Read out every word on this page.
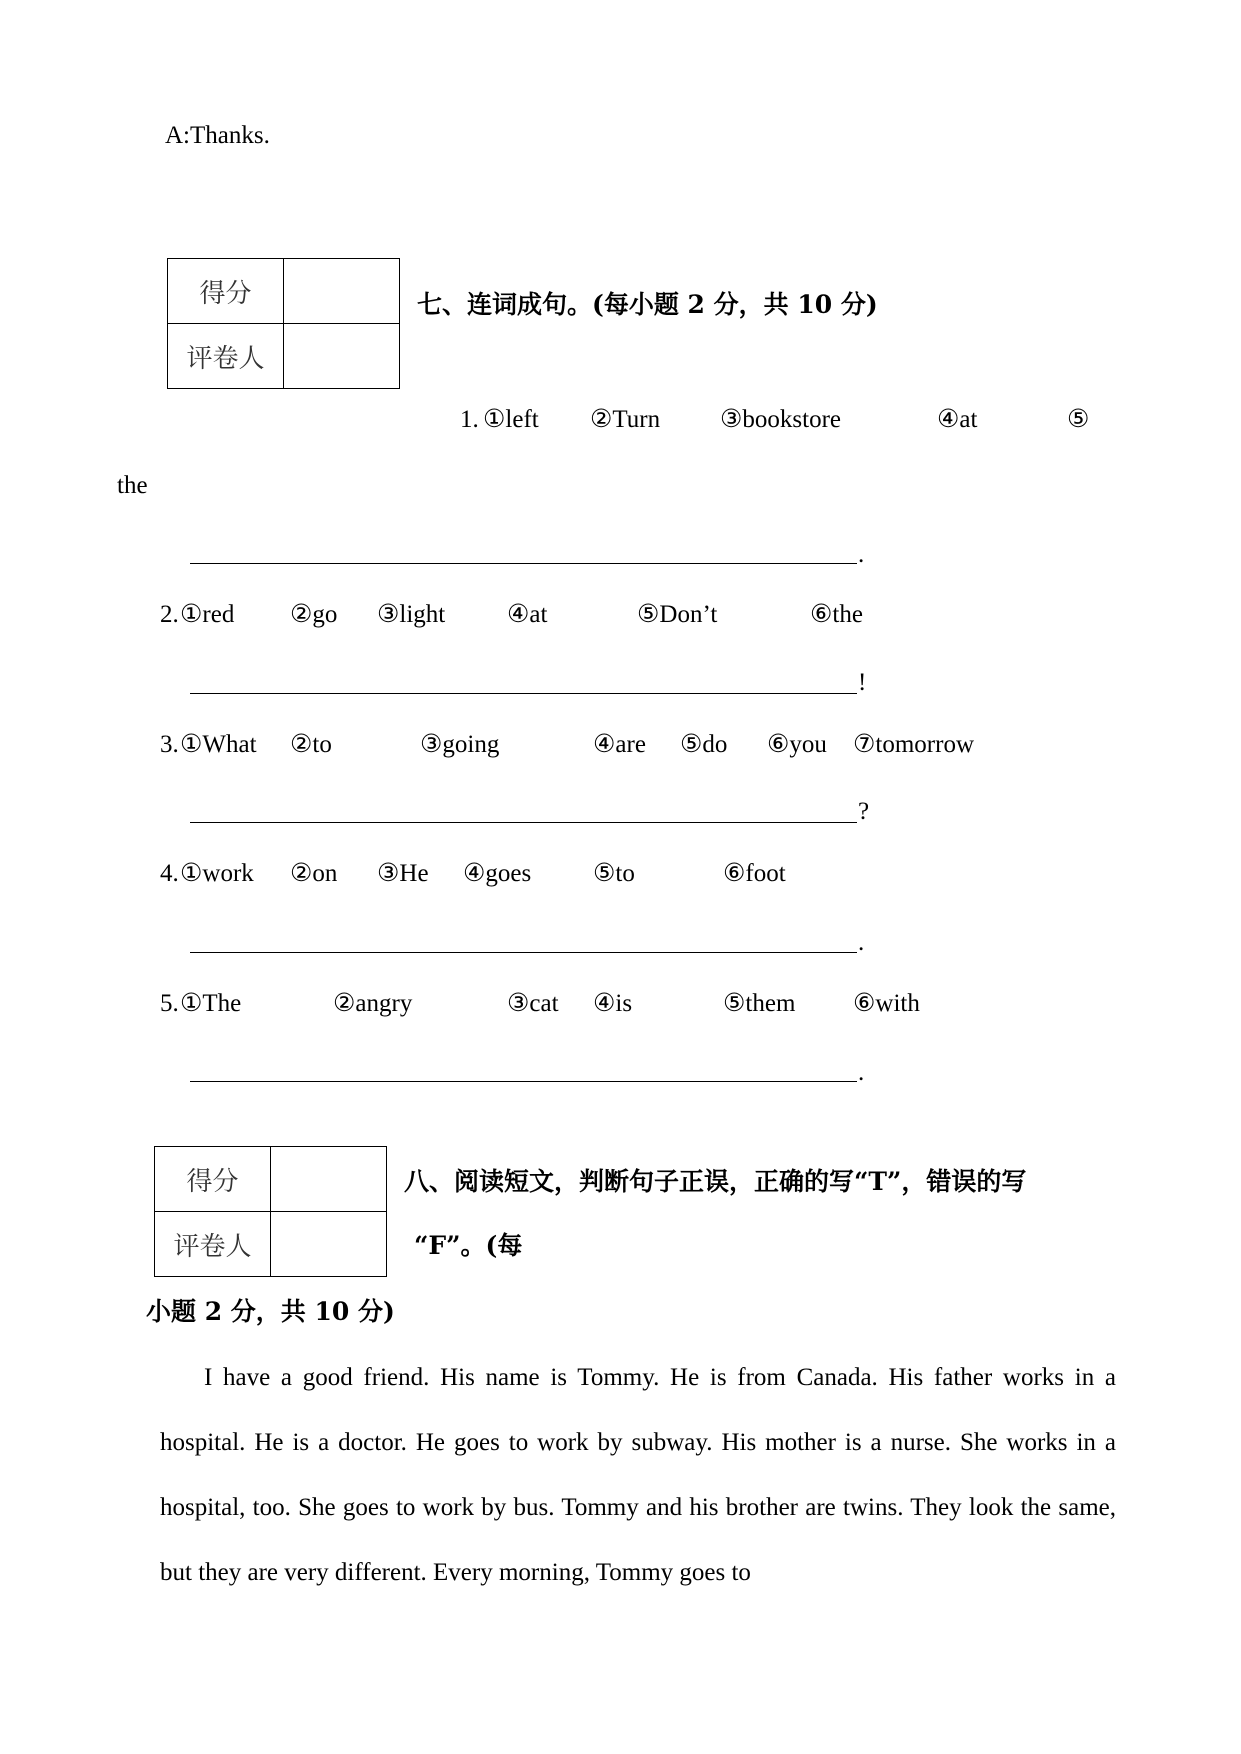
A:Thanks.
得分	
评卷人	
七、连词成句。(每小题 2 分，共 10 分)
1. ①left ②Turn ③bookstore	④at	⑤
the
.
2. ①red ②go ③light ④at	⑤Don’t	⑥the
!
3. ①What ②to	③going	④are ⑤do ⑥you ⑦tomorrow
?
4. ①work ②on ③He ④goes ⑤to	⑥foot
.
5. ①The	②angry	③cat ④is	⑤them ⑥with
.
得分	
评卷人	
八、阅读短文，判断句子正误，正确的写“T”，错误的写
“F”。(每
小题 2 分，共 10 分)
I have a good friend. His name is Tommy. He is from Canada. His father works in a hospital. He is a doctor. He goes to work by subway. His mother is a nurse. She works in a hospital, too. She goes to work by bus. Tommy and his brother are twins. They look the same, but they are very different. Every morning, Tommy goes to
